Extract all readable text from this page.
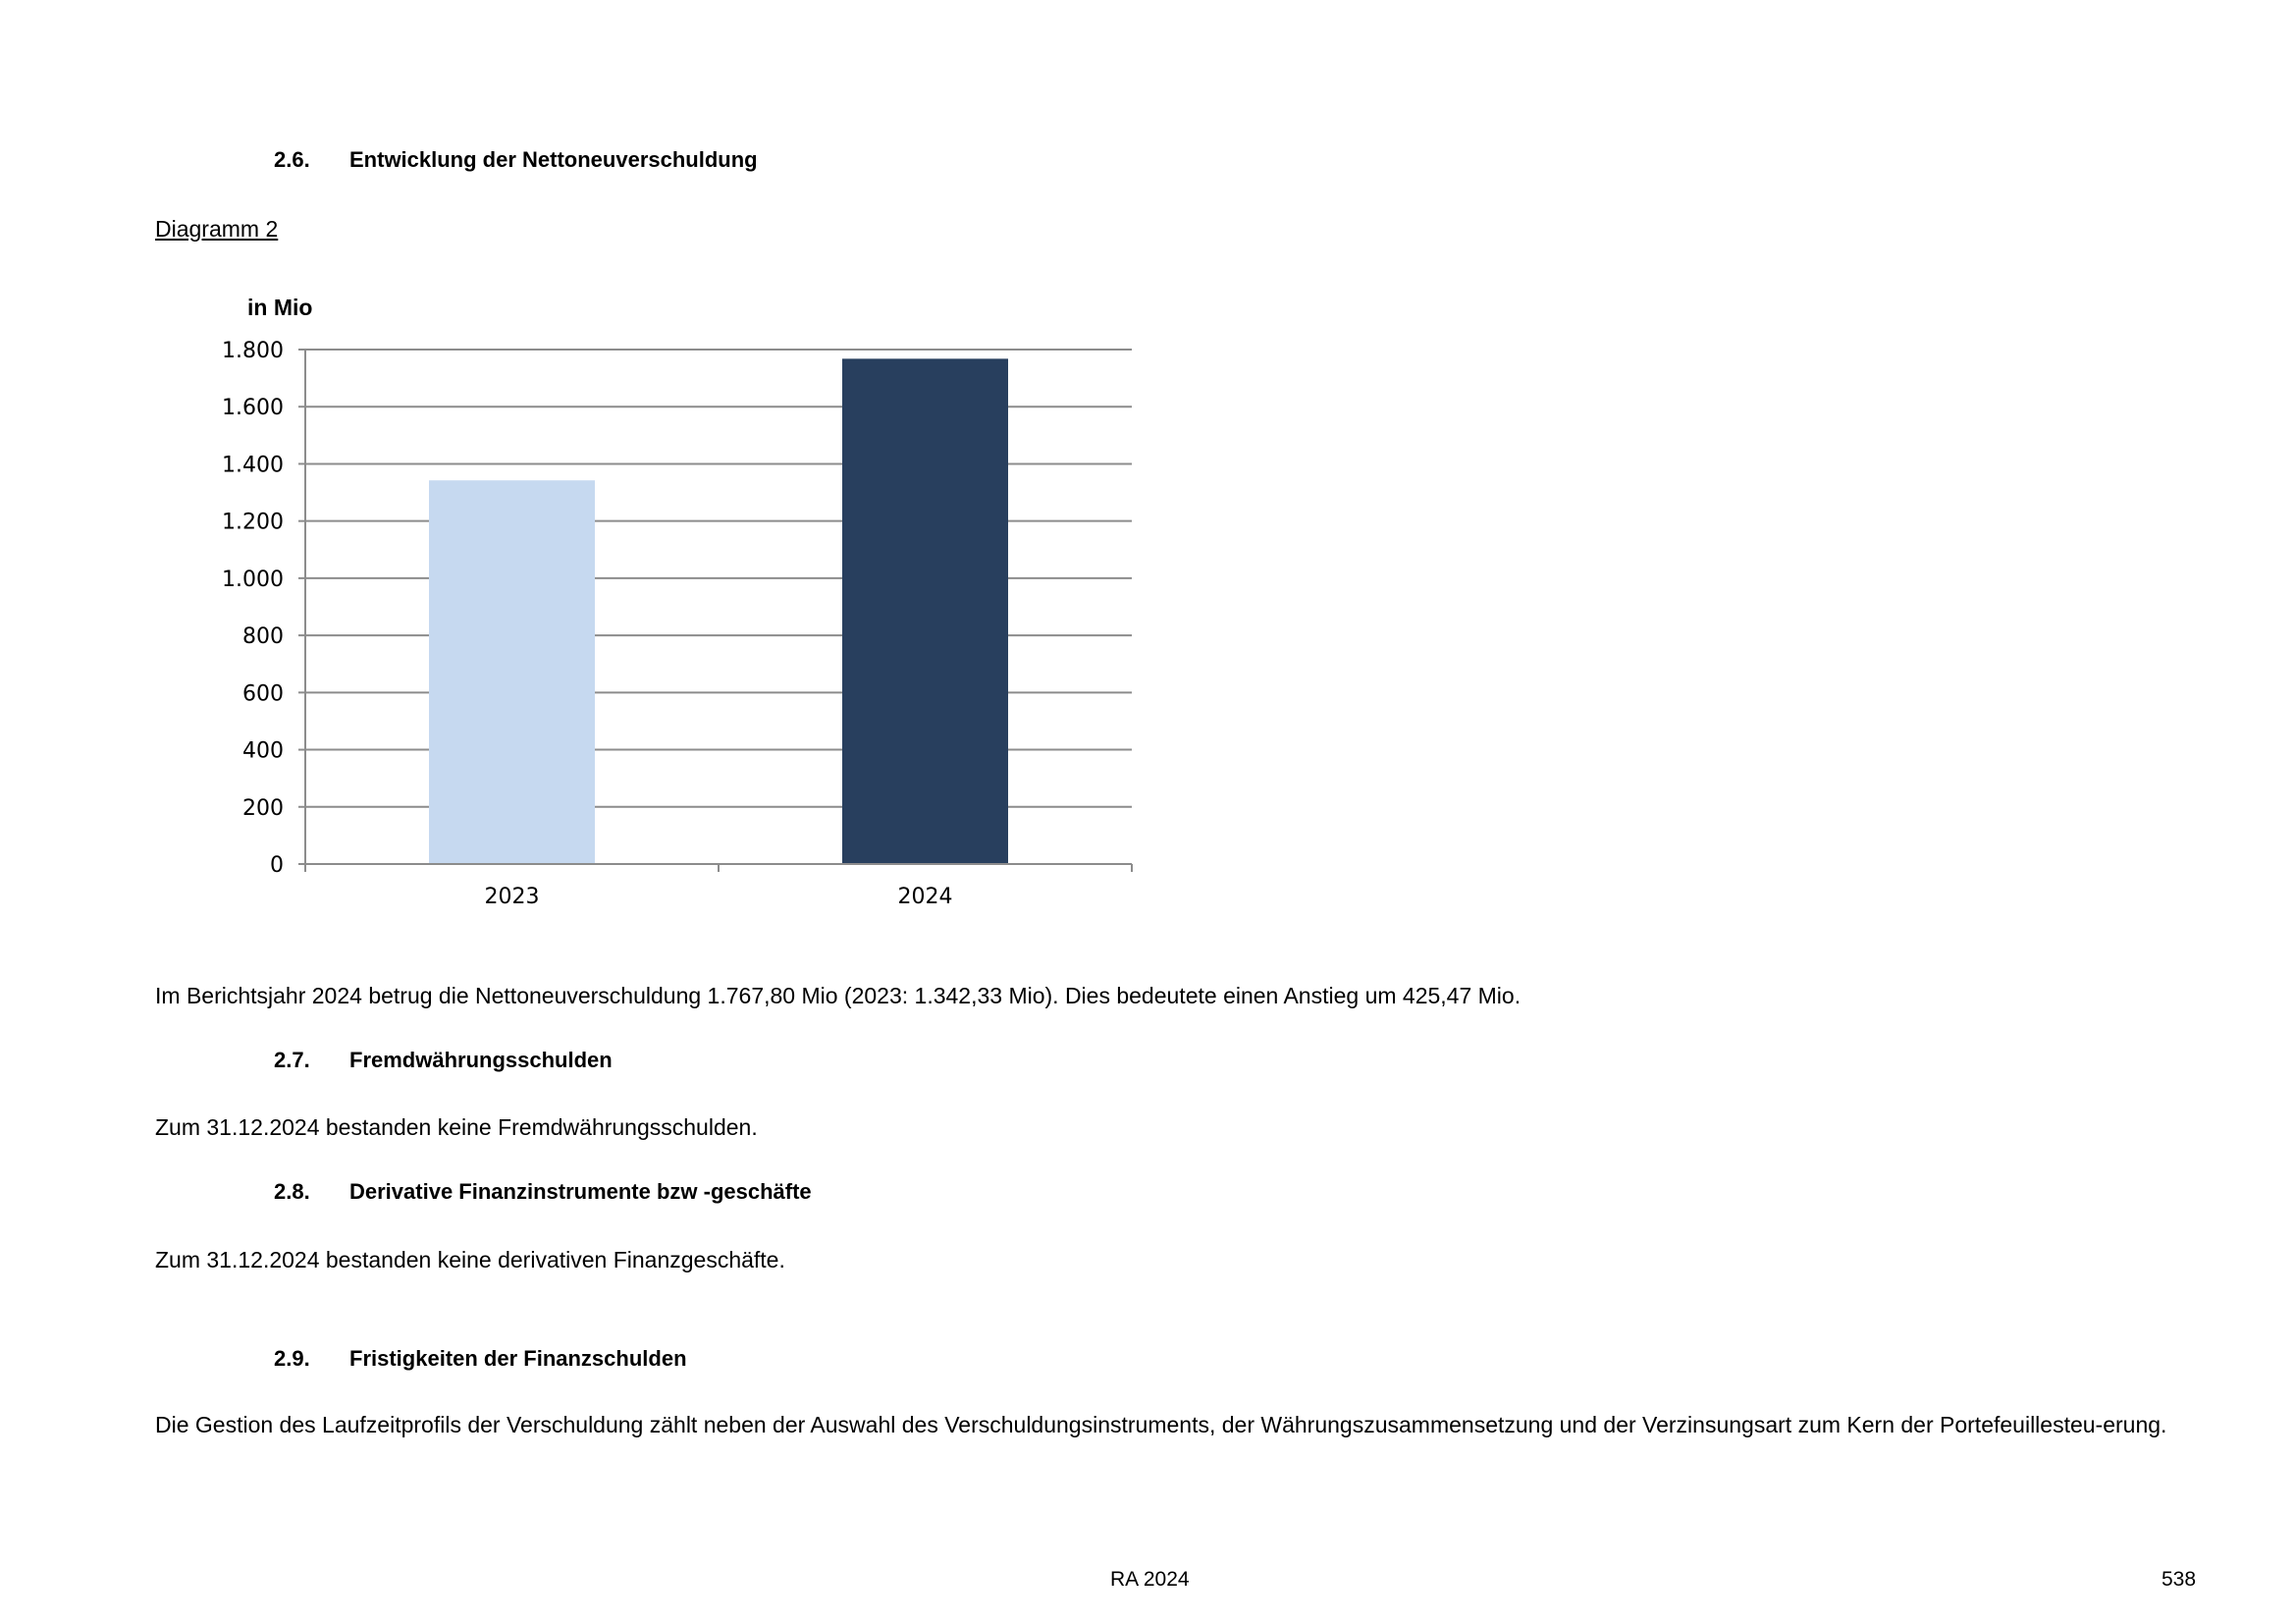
2.6. Entwicklung der Nettoneuverschuldung
Diagramm 2
in Mio
0
200
400
600
800
1.000
1.200
1.400
1.600
1.800
2023	2024
Im Berichtsjahr 2024 betrug die Nettoneuverschuldung 1.767,80 Mio (2023: 1.342,33 Mio). Dies bedeutete einen Anstieg um 425,47 Mio.
2.7. Fremdwährungsschulden
Zum 31.12.2024 bestanden keine Fremdwährungsschulden.
2.8. Derivative Finanzinstrumente bzw -geschäfte
Zum 31.12.2024 bestanden keine derivativen Finanzgeschäfte.
2.9. Fristigkeiten der Finanzschulden
Die Gestion des Laufzeitprofils der Verschuldung zählt neben der Auswahl des Verschuldungsinstruments, der Währungszusammensetzung und der Verzinsungsart zum Kern der Portefeuillesteu-erung.
RA 2024	538
